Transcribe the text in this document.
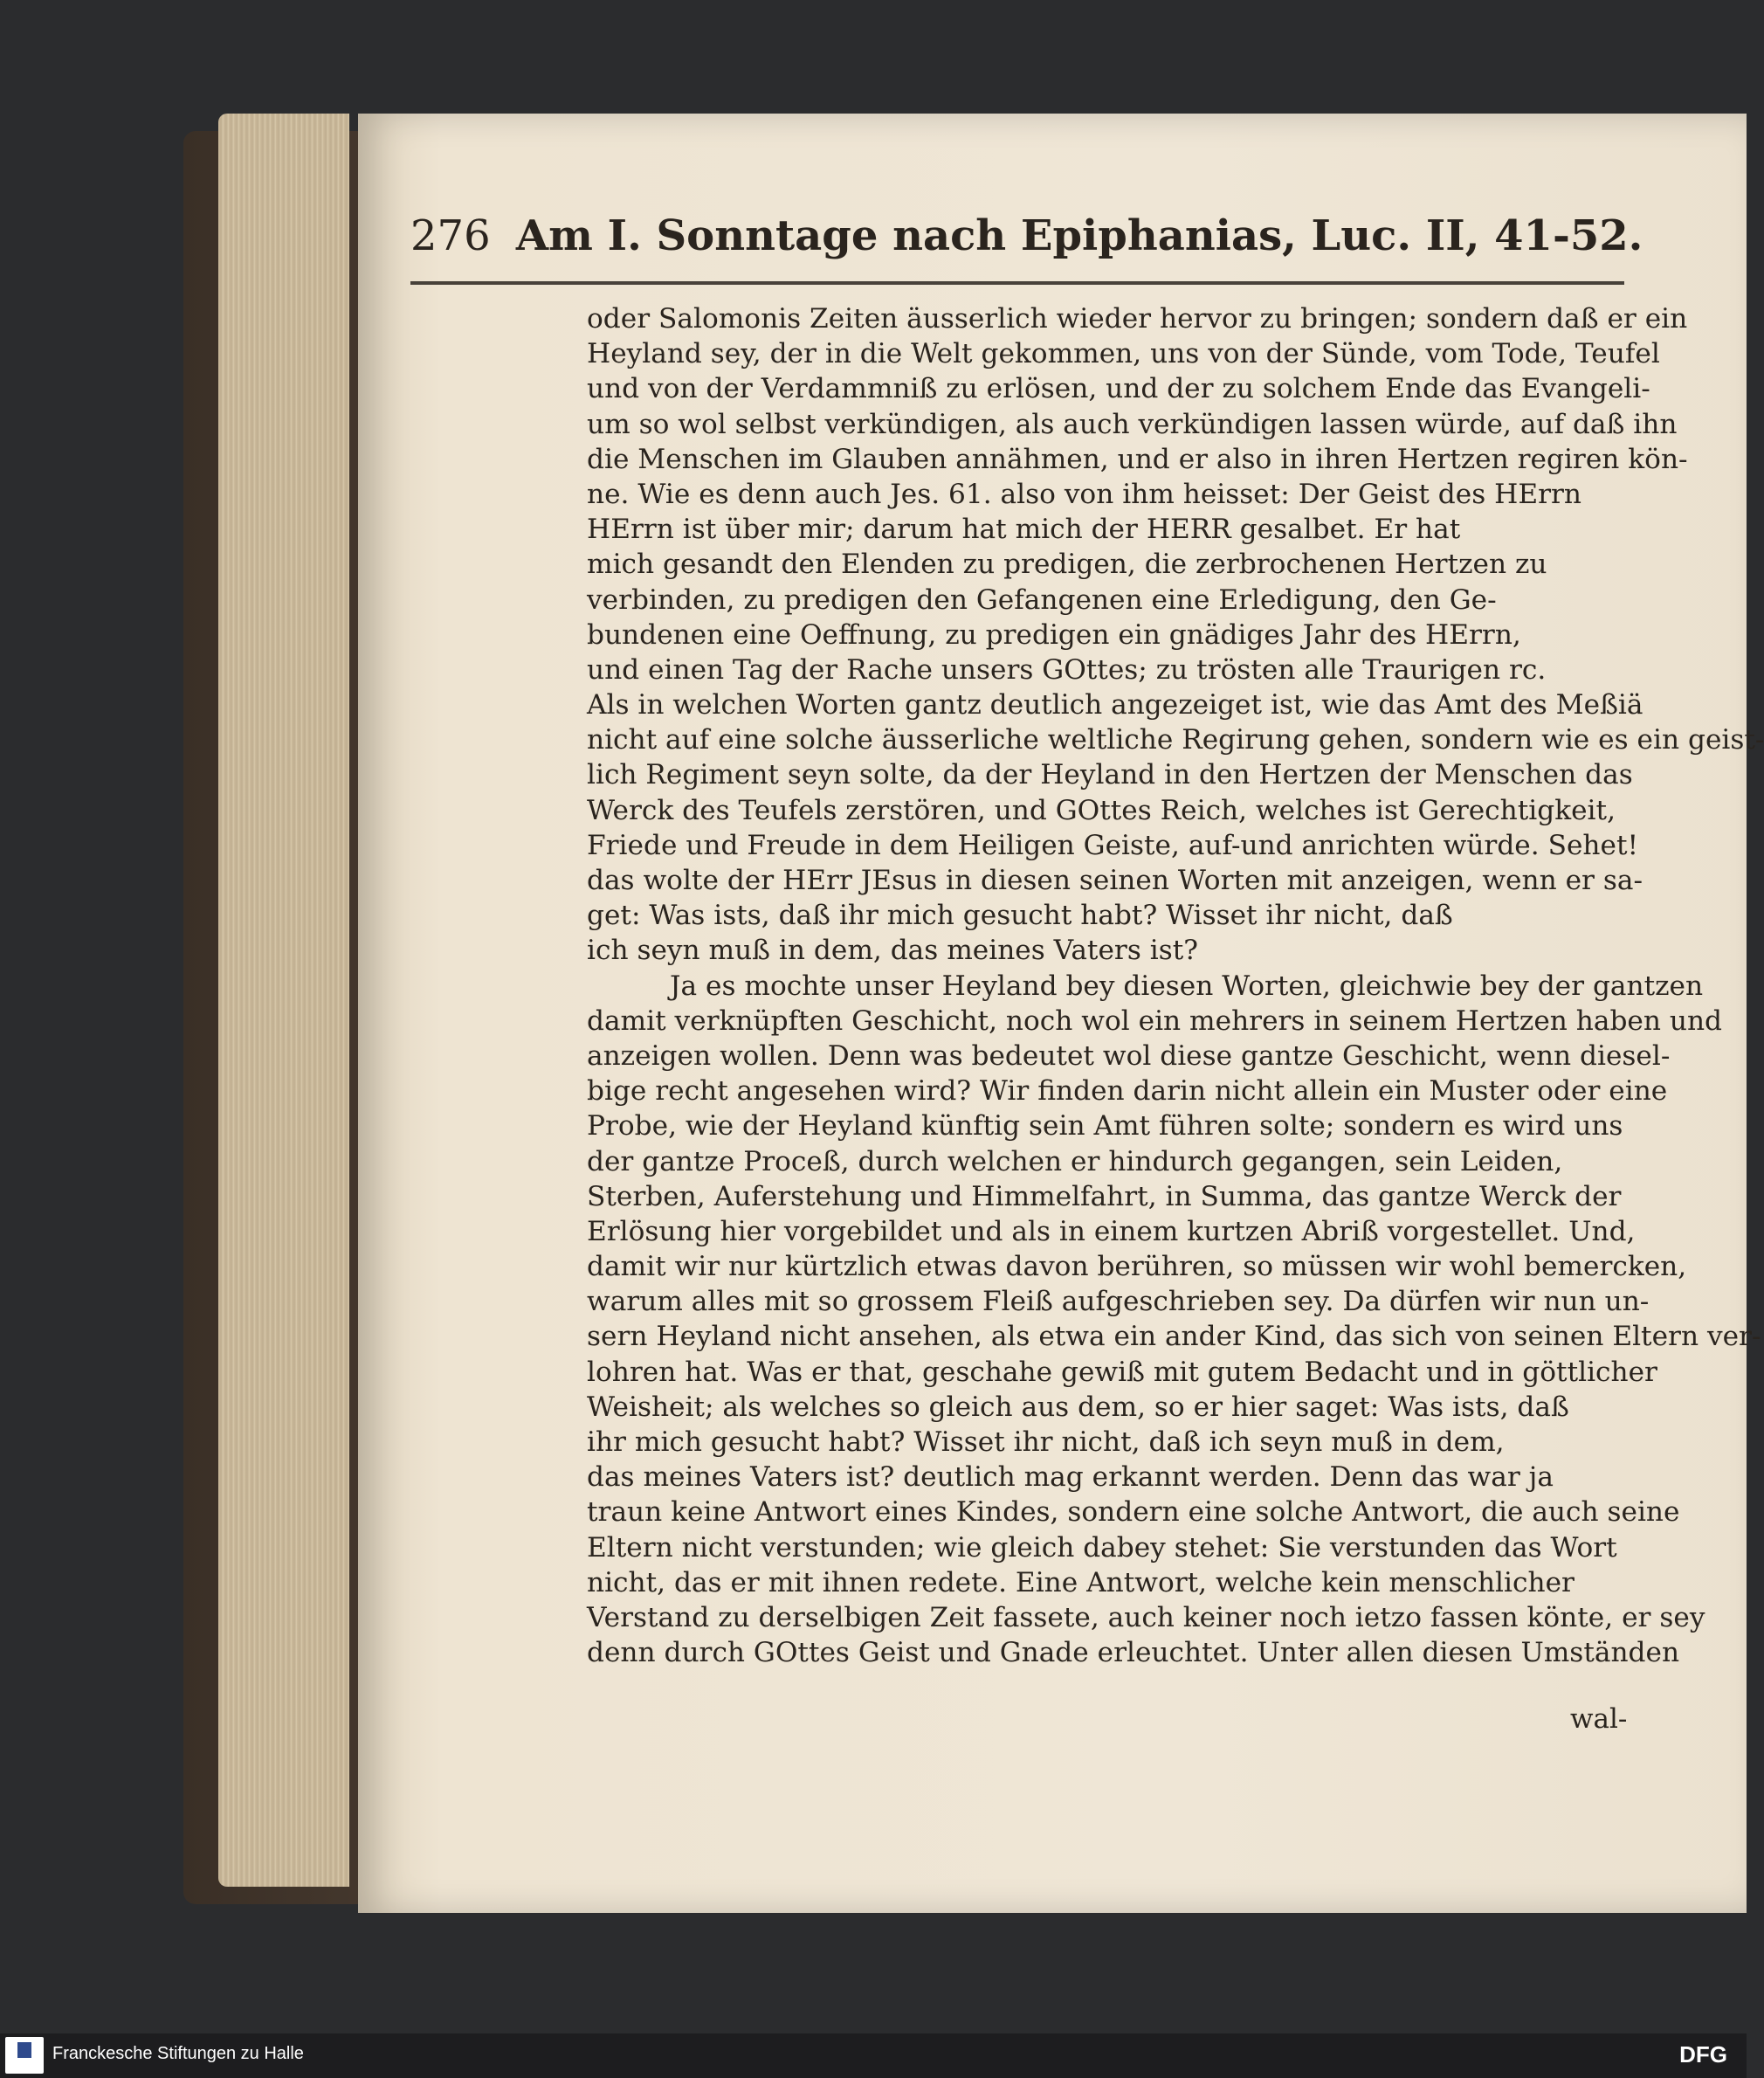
276 Am I. Sonntage nach Epiphanias, Luc. II, 41-52.
oder Salomonis Zeiten äusserlich wieder hervor zu bringen; sondern daß er ein
Heyland sey, der in die Welt gekommen, uns von der Sünde, vom Tode, Teufel
und von der Verdammniß zu erlösen, und der zu solchem Ende das Evangeli-
um so wol selbst verkündigen, als auch verkündigen lassen würde, auf daß ihn
die Menschen im Glauben annähmen, und er also in ihren Hertzen regiren kön-
ne. Wie es denn auch Jes. 61. also von ihm heisset: Der Geist des HErrn
HErrn ist über mir; darum hat mich der HERR gesalbet. Er hat
mich gesandt den Elenden zu predigen, die zerbrochenen Hertzen zu
verbinden, zu predigen den Gefangenen eine Erledigung, den Ge-
bundenen eine Oeffnung, zu predigen ein gnädiges Jahr des HErrn,
und einen Tag der Rache unsers GOttes; zu trösten alle Traurigen rc.
Als in welchen Worten gantz deutlich angezeiget ist, wie das Amt des Meßiä
nicht auf eine solche äusserliche weltliche Regirung gehen, sondern wie es ein geist-
lich Regiment seyn solte, da der Heyland in den Hertzen der Menschen das
Werck des Teufels zerstören, und GOttes Reich, welches ist Gerechtigkeit,
Friede und Freude in dem Heiligen Geiste, auf-und anrichten würde. Sehet!
das wolte der HErr JEsus in diesen seinen Worten mit anzeigen, wenn er sa-
get: Was ists, daß ihr mich gesucht habt? Wisset ihr nicht, daß
ich seyn muß in dem, das meines Vaters ist?
Ja es mochte unser Heyland bey diesen Worten, gleichwie bey der gantzen
damit verknüpften Geschicht, noch wol ein mehrers in seinem Hertzen haben und
anzeigen wollen. Denn was bedeutet wol diese gantze Geschicht, wenn diesel-
bige recht angesehen wird? Wir finden darin nicht allein ein Muster oder eine
Probe, wie der Heyland künftig sein Amt führen solte; sondern es wird uns
der gantze Proceß, durch welchen er hindurch gegangen, sein Leiden,
Sterben, Auferstehung und Himmelfahrt, in Summa, das gantze Werck der
Erlösung hier vorgebildet und als in einem kurtzen Abriß vorgestellet. Und,
damit wir nur kürtzlich etwas davon berühren, so müssen wir wohl bemercken,
warum alles mit so grossem Fleiß aufgeschrieben sey. Da dürfen wir nun un-
sern Heyland nicht ansehen, als etwa ein ander Kind, das sich von seinen Eltern ver-
lohren hat. Was er that, geschahe gewiß mit gutem Bedacht und in göttlicher
Weisheit; als welches so gleich aus dem, so er hier saget: Was ists, daß
ihr mich gesucht habt? Wisset ihr nicht, daß ich seyn muß in dem,
das meines Vaters ist? deutlich mag erkannt werden. Denn das war ja
traun keine Antwort eines Kindes, sondern eine solche Antwort, die auch seine
Eltern nicht verstunden; wie gleich dabey stehet: Sie verstunden das Wort
nicht, das er mit ihnen redete. Eine Antwort, welche kein menschlicher
Verstand zu derselbigen Zeit fassete, auch keiner noch ietzo fassen könte, er sey
denn durch GOttes Geist und Gnade erleuchtet. Unter allen diesen Umständen
wal-
Franckesche Stiftungen zu Halle	DFG
